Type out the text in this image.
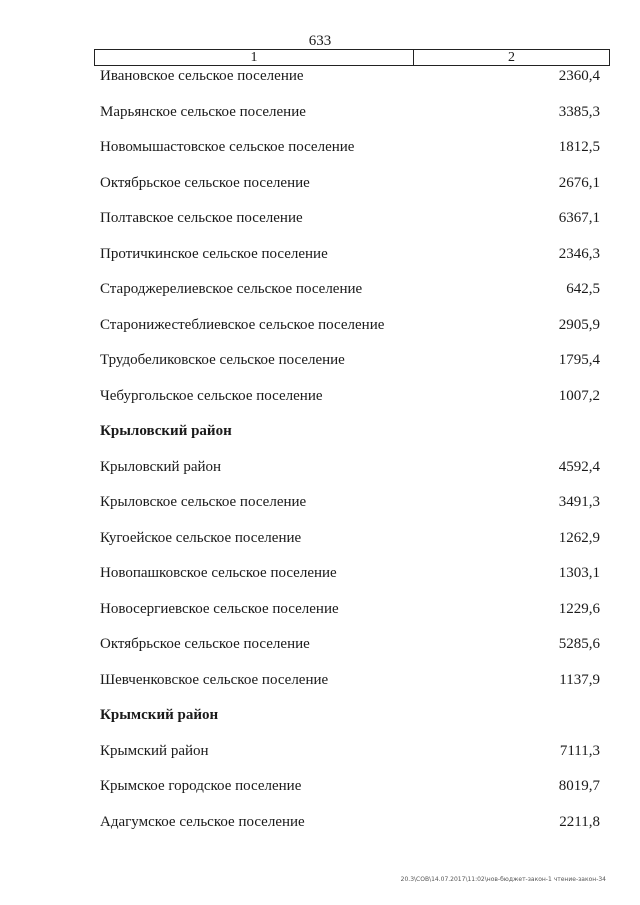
633
1	2
Ивановское сельское поселение	2360,4
Марьянское сельское поселение	3385,3
Новомышастовское сельское поселение	1812,5
Октябрьское сельское поселение	2676,1
Полтавское сельское поселение	6367,1
Протичкинское сельское поселение	2346,3
Староджерелиевское сельское поселение	642,5
Старонижестеблиевское сельское поселение	2905,9
Трудобеликовское сельское поселение	1795,4
Чебургольское сельское поселение	1007,2
Крыловский район
Крыловский район	4592,4
Крыловское сельское поселение	3491,3
Кугоейское сельское поселение	1262,9
Новопашковское сельское поселение	1303,1
Новосергиевское сельское поселение	1229,6
Октябрьское сельское поселение	5285,6
Шевченковское сельское поселение	1137,9
Крымский район
Крымский район	7111,3
Крымское городское поселение	8019,7
Адагумское сельское поселение	2211,8
20.3\СОВ\14.07.2017\11:02\нов-бюджет-закон-1 чтение-закон-34
